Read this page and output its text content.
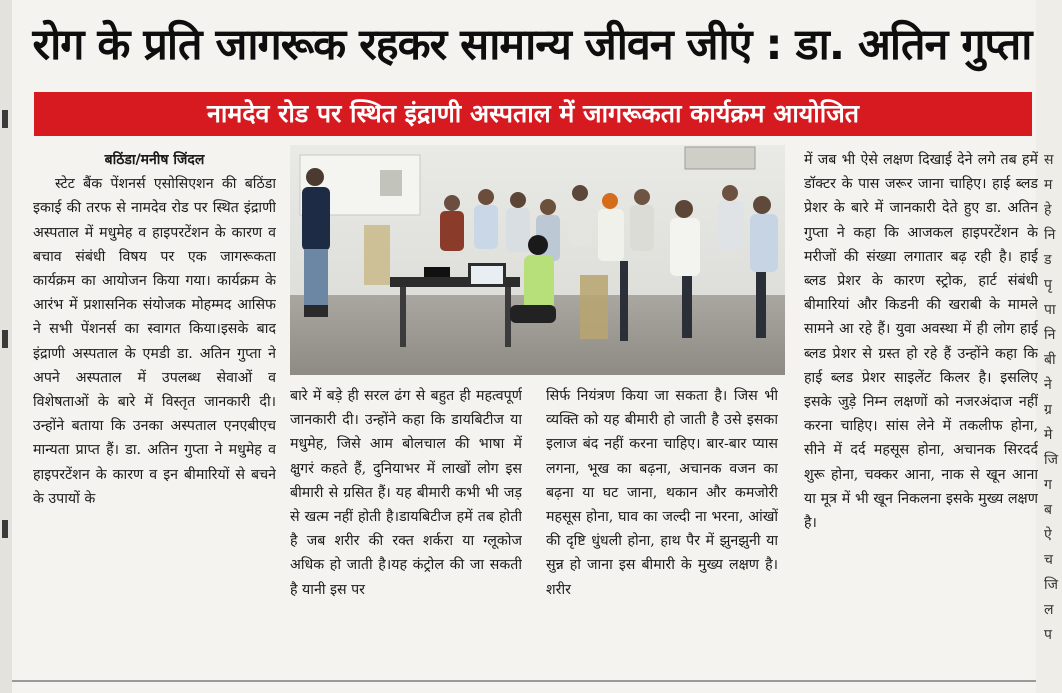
स
म
हे
नि
ड
पृ
पा
नि
बी
ने
ग्र
मे
जि
ग
ब
ऐ
च
जि
ल
प
रोग के प्रति जागरूक रहकर सामान्य जीवन जीएं : डा. अतिन गुप्ता
नामदेव रोड पर स्थित इंद्राणी अस्पताल में जागरूकता कार्यक्रम आयोजित

बठिंडा/मनीष जिंदल

स्टेट बैंक पेंशनर्स एसोसिएशन की बठिंडा इकाई की तरफ से नामदेव रोड पर स्थित इंद्राणी अस्पताल में मधुमेह व हाइपरटेंशन के कारण व बचाव संबंधी विषय पर एक जागरूकता कार्यक्रम का आयोजन किया गया। कार्यक्रम के आरंभ में प्रशासनिक संयोजक मोहम्मद आसिफ ने सभी पेंशनर्स का स्वागत किया।इसके बाद इंद्राणी अस्पताल के एमडी डा. अतिन गुप्ता ने अपने अस्पताल में उपलब्ध सेवाओं व विशेषताओं के बारे में विस्तृत जानकारी दी। उन्होंने बताया कि उनका अस्पताल एनएबीएच मान्यता प्राप्त हैं। डा. अतिन गुप्ता ने मधुमेह व हाइपरटेंशन के कारण व इन बीमारियों से बचने के उपायों के

बारे में बड़े ही सरल ढंग से बहुत ही महत्वपूर्ण जानकारी दी। उन्होंने कहा कि डायबिटीज या मधुमेह, जिसे आम बोलचाल की भाषा में क्षुगरं कहते हैं, दुनियाभर में लाखों लोग इस बीमारी से ग्रसित हैं। यह बीमारी कभी भी जड़ से खत्म नहीं होती है।डायबिटीज हमें तब होती है जब शरीर की रक्त शर्करा या ग्लूकोज अधिक हो जाती है।यह कंट्रोल की जा सकती है यानी इस पर

सिर्फ नियंत्रण किया जा सकता है। जिस भी व्यक्ति को यह बीमारी हो जाती है उसे इसका इलाज बंद नहीं करना चाहिए। बार-बार प्यास लगना, भूख का बढ़ना, अचानक वजन का बढ़ना या घट जाना, थकान और कमजोरी महसूस होना, घाव का जल्दी ना भरना, आंखों की दृष्टि धुंधली होना, हाथ पैर में झुनझुनी या सुन्न हो जाना इस बीमारी के मुख्य लक्षण है। शरीर

में जब भी ऐसे लक्षण दिखाई देने लगे तब हमें डॉक्टर के पास जरूर जाना चाहिए। हाई ब्लड प्रेशर के बारे में जानकारी देते हुए डा. अतिन गुप्ता ने कहा कि आजकल हाइपरटेंशन के मरीजों की संख्या लगातार बढ़ रही है। हाई ब्लड प्रेशर के कारण स्ट्रोक, हार्ट संबंधी बीमारियां और किडनी की खराबी के मामले सामने आ रहे हैं। युवा अवस्था में ही लोग हाई ब्लड प्रेशर से ग्रस्त हो रहे हैं उन्होंने कहा कि हाई ब्लड प्रेशर साइलेंट किलर है। इसलिए इसके जुड़े निम्न लक्षणों को नजरअंदाज नहीं करना चाहिए। सांस लेने में तकलीफ होना, सीने में दर्द महसूस होना, अचानक सिरदर्द शुरू होना, चक्कर आना, नाक से खून आना या मूत्र में भी खून निकलना इसके मुख्य लक्षण है।
